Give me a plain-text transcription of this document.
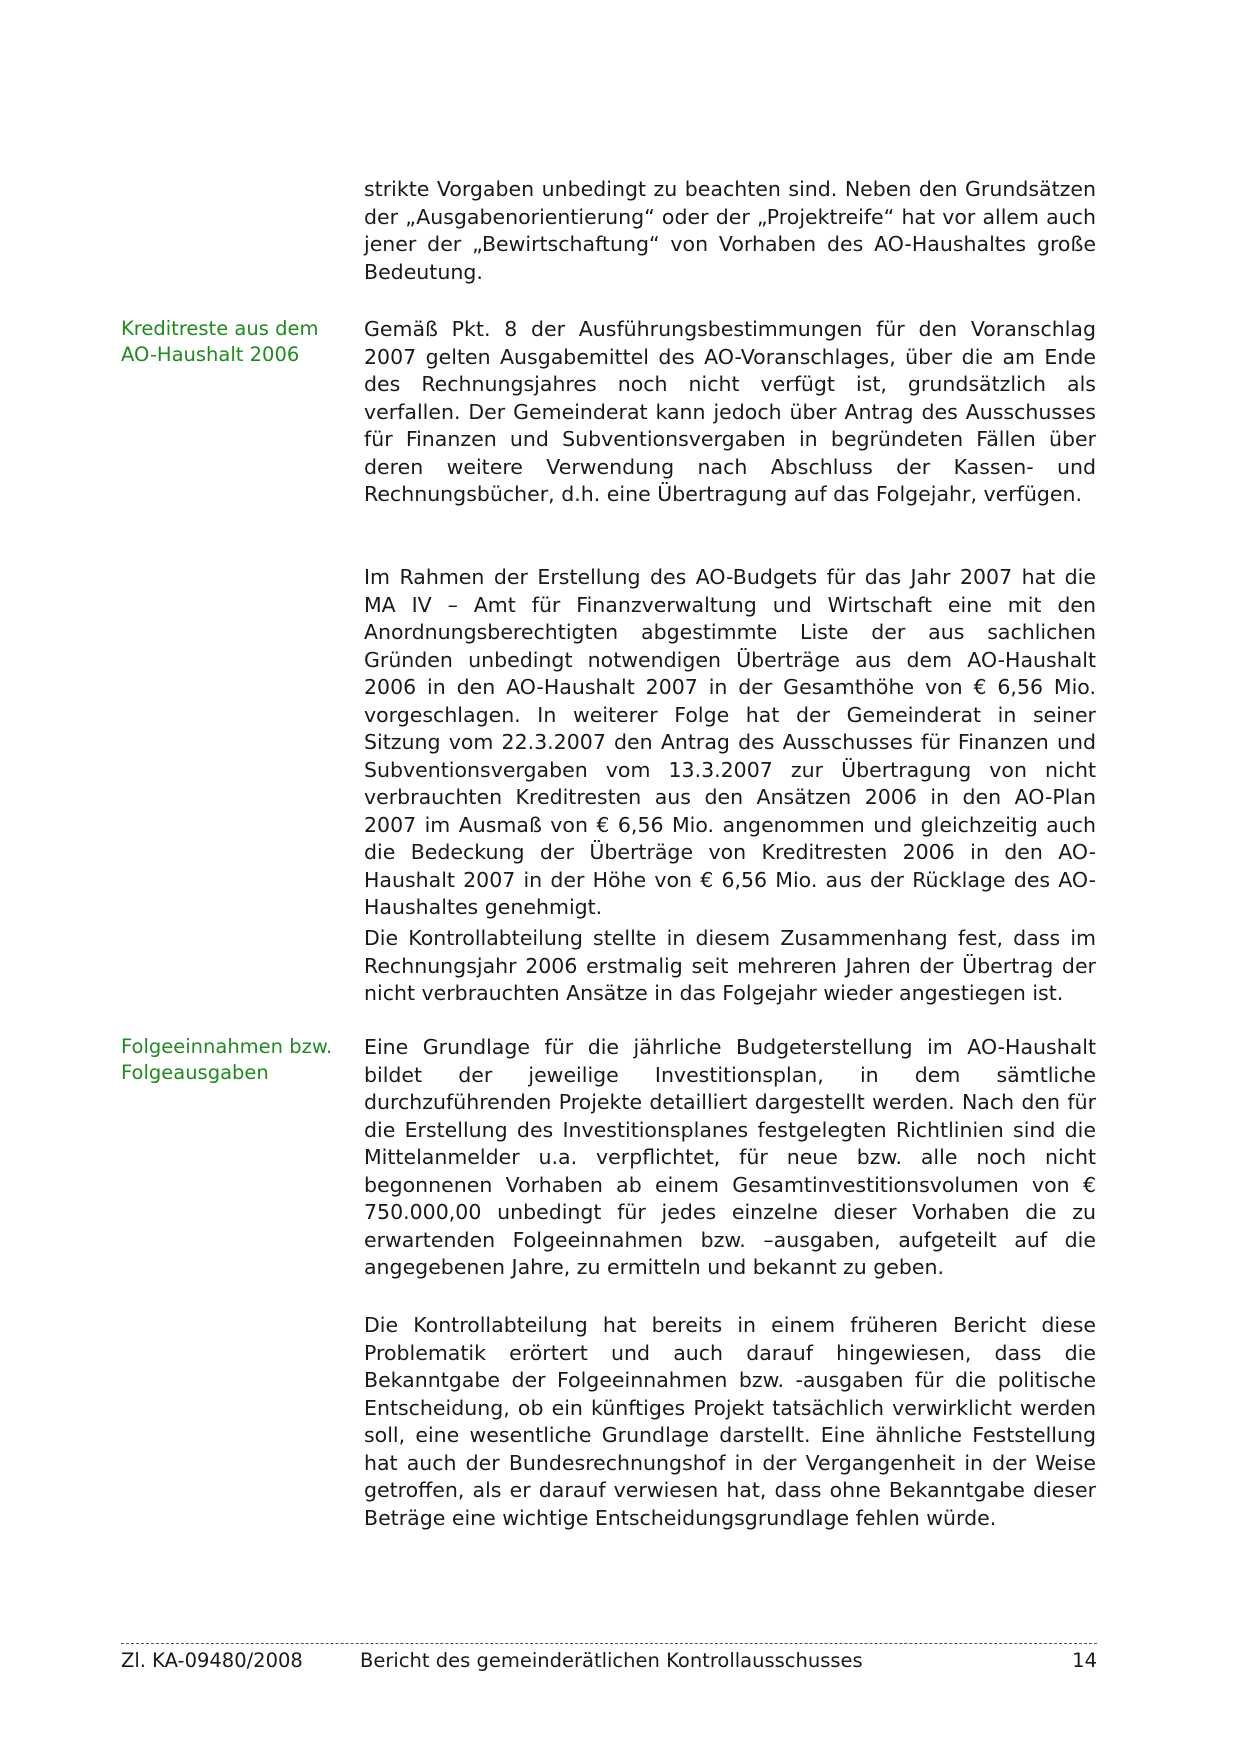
strikte Vorgaben unbedingt zu beachten sind. Neben den Grundsätzen der „Ausgabenorientierung“ oder der „Projektreife“ hat vor allem auch jener der „Bewirtschaftung“ von Vorhaben des AO-Haushaltes große Bedeutung.

Kreditreste aus dem
AO-Haushalt 2006

Gemäß Pkt. 8 der Ausführungsbestimmungen für den Voranschlag 2007 gelten Ausgabemittel des AO-Voranschlages, über die am Ende des Rechnungsjahres noch nicht verfügt ist, grundsätzlich als verfallen. Der Gemeinderat kann jedoch über Antrag des Ausschusses für Finanzen und Subventionsvergaben in begründeten Fällen über deren weitere Verwendung nach Abschluss der Kassen- und Rechnungsbücher, d.h. eine Übertragung auf das Folgejahr, verfügen.

Im Rahmen der Erstellung des AO-Budgets für das Jahr 2007 hat die MA IV – Amt für Finanzverwaltung und Wirtschaft eine mit den Anordnungsberechtigten abgestimmte Liste der aus sachlichen Gründen unbedingt notwendigen Überträge aus dem AO-Haushalt 2006 in den AO-Haushalt 2007 in der Gesamthöhe von € 6,56 Mio. vorgeschlagen. In weiterer Folge hat der Gemeinderat in seiner Sitzung vom 22.3.2007 den Antrag des Ausschusses für Finanzen und Subventionsvergaben vom 13.3.2007 zur Übertragung von nicht verbrauchten Kreditresten aus den Ansätzen 2006 in den AO-Plan 2007 im Ausmaß von € 6,56 Mio. angenommen und gleichzeitig auch die Bedeckung der Überträge von Kreditresten 2006 in den AO-Haushalt 2007 in der Höhe von € 6,56 Mio. aus der Rücklage des AO-Haushaltes genehmigt.

Die Kontrollabteilung stellte in diesem Zusammenhang fest, dass im Rechnungsjahr 2006 erstmalig seit mehreren Jahren der Übertrag der nicht verbrauchten Ansätze in das Folgejahr wieder angestiegen ist.

Folgeeinnahmen bzw.
Folgeausgaben

Eine Grundlage für die jährliche Budgeterstellung im AO-Haushalt bildet der jeweilige Investitionsplan, in dem sämtliche durchzuführenden Projekte detailliert dargestellt werden. Nach den für die Erstellung des Investitionsplanes festgelegten Richtlinien sind die Mittelanmelder u.a. verpflichtet, für neue bzw. alle noch nicht begonnenen Vorhaben ab einem Gesamtinvestitionsvolumen von € 750.000,00 unbedingt für jedes einzelne dieser Vorhaben die zu erwartenden Folgeeinnahmen bzw. –ausgaben, aufgeteilt auf die angegebenen Jahre, zu ermitteln und bekannt zu geben.

Die Kontrollabteilung hat bereits in einem früheren Bericht diese Problematik erörtert und auch darauf hingewiesen, dass die Bekanntgabe der Folgeeinnahmen bzw. -ausgaben für die politische Entscheidung, ob ein künftiges Projekt tatsächlich verwirklicht werden soll, eine wesentliche Grundlage darstellt. Eine ähnliche Feststellung hat auch der Bundesrechnungshof in der Vergangenheit in der Weise getroffen, als er darauf verwiesen hat, dass ohne Bekanntgabe dieser Beträge eine wichtige Entscheidungsgrundlage fehlen würde.

Zl. KA-09480/2008	Bericht des gemeinderätlichen Kontrollausschusses	14
